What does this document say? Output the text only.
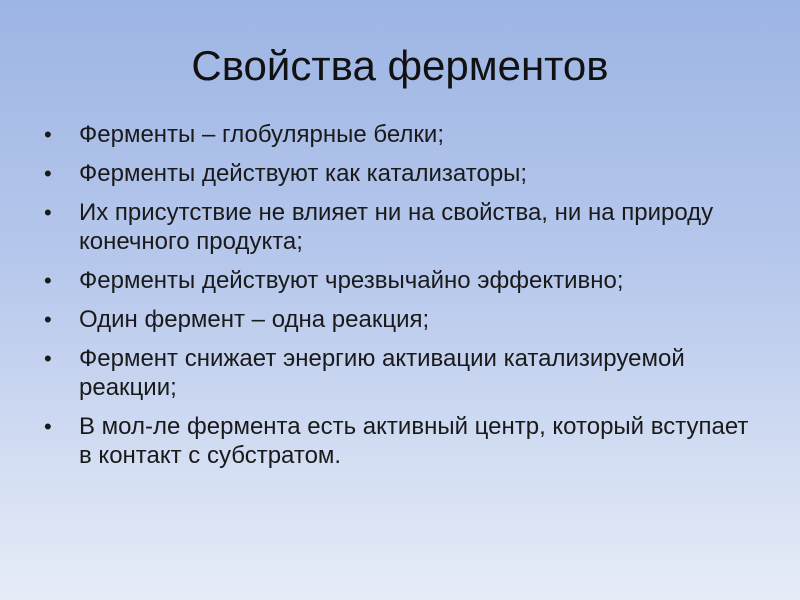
Свойства ферментов
•	Ферменты – глобулярные белки;
•	Ферменты действуют как катализаторы;
•	Их присутствие не влияет ни на свойства, ни на природу конечного продукта;
•	Ферменты действуют чрезвычайно эффективно;
•	Один фермент – одна реакция;
•	Фермент снижает энергию активации катализируемой реакции;
•	В мол-ле фермента есть активный центр, который вступает в контакт с субстратом.
